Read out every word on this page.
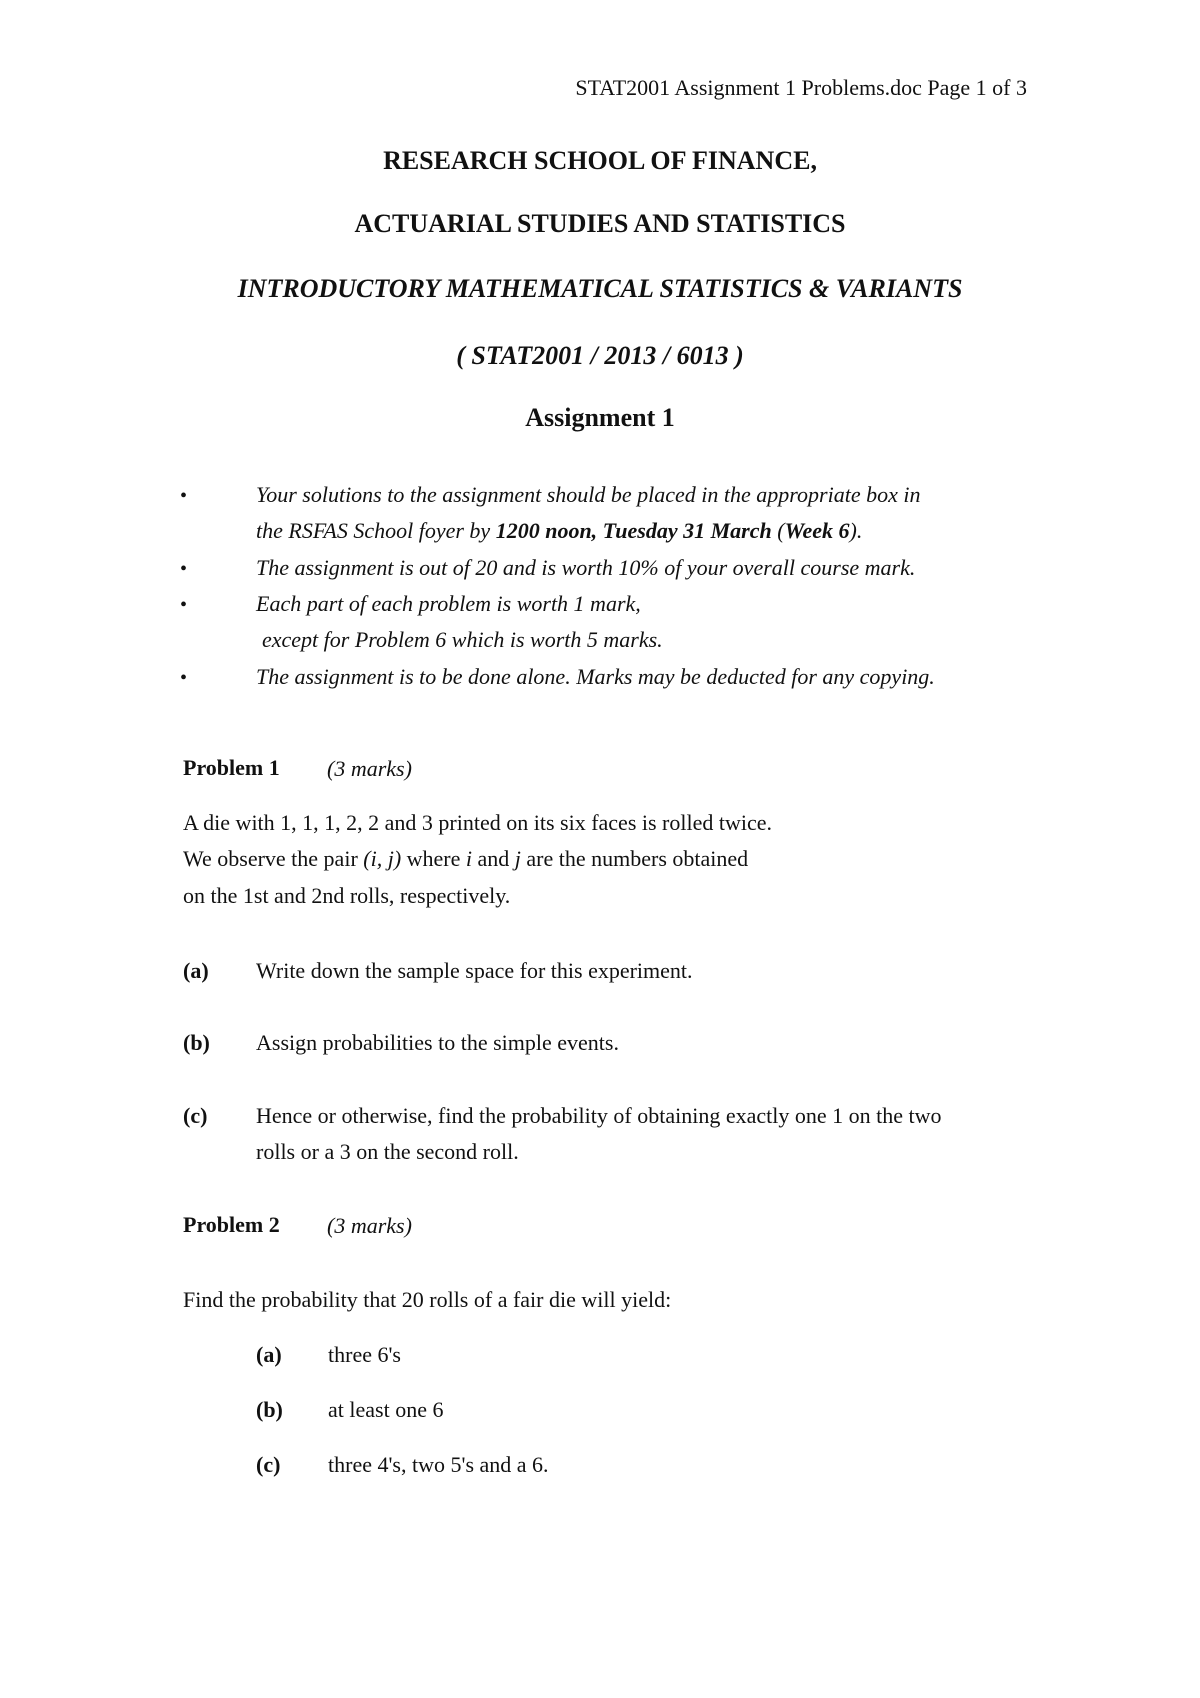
STAT2001 Assignment 1 Problems.doc Page 1 of 3
RESEARCH SCHOOL OF FINANCE,
ACTUARIAL STUDIES AND STATISTICS
INTRODUCTORY MATHEMATICAL STATISTICS & VARIANTS
( STAT2001 / 2013 / 6013 )
Assignment 1
•	Your solutions to the assignment should be placed in the appropriate box in
the RSFAS School foyer by 1200 noon, Tuesday 31 March (Week 6).
•	The assignment is out of 20 and is worth 10% of your overall course mark.
•	Each part of each problem is worth 1 mark,
except for Problem 6 which is worth 5 marks.
•	The assignment is to be done alone. Marks may be deducted for any copying.
Problem 1 (3 marks)
A die with 1, 1, 1, 2, 2 and 3 printed on its six faces is rolled twice.
We observe the pair (i, j) where i and j are the numbers obtained
on the 1st and 2nd rolls, respectively.
(a) Write down the sample space for this experiment.
(b) Assign probabilities to the simple events.
(c) Hence or otherwise, find the probability of obtaining exactly one 1 on the two
rolls or a 3 on the second roll.
Problem 2 (3 marks)
Find the probability that 20 rolls of a fair die will yield:
(a) three 6's
(b) at least one 6
(c) three 4's, two 5's and a 6.
